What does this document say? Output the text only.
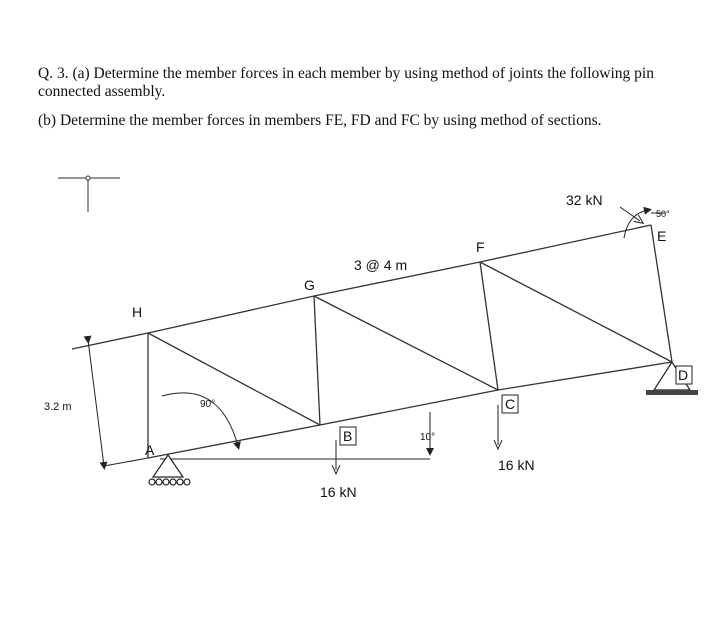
Q. 3. (a) Determine the member forces in each member by using method of joints the following pin connected assembly.

(b) Determine the member forces in members FE, FD and FC by using method of sections.

3.2 m	90°
10°
16 kN
16 kN
50°
32 kN
3 @ 4 m
H
G
F
E
A
B
C
D
